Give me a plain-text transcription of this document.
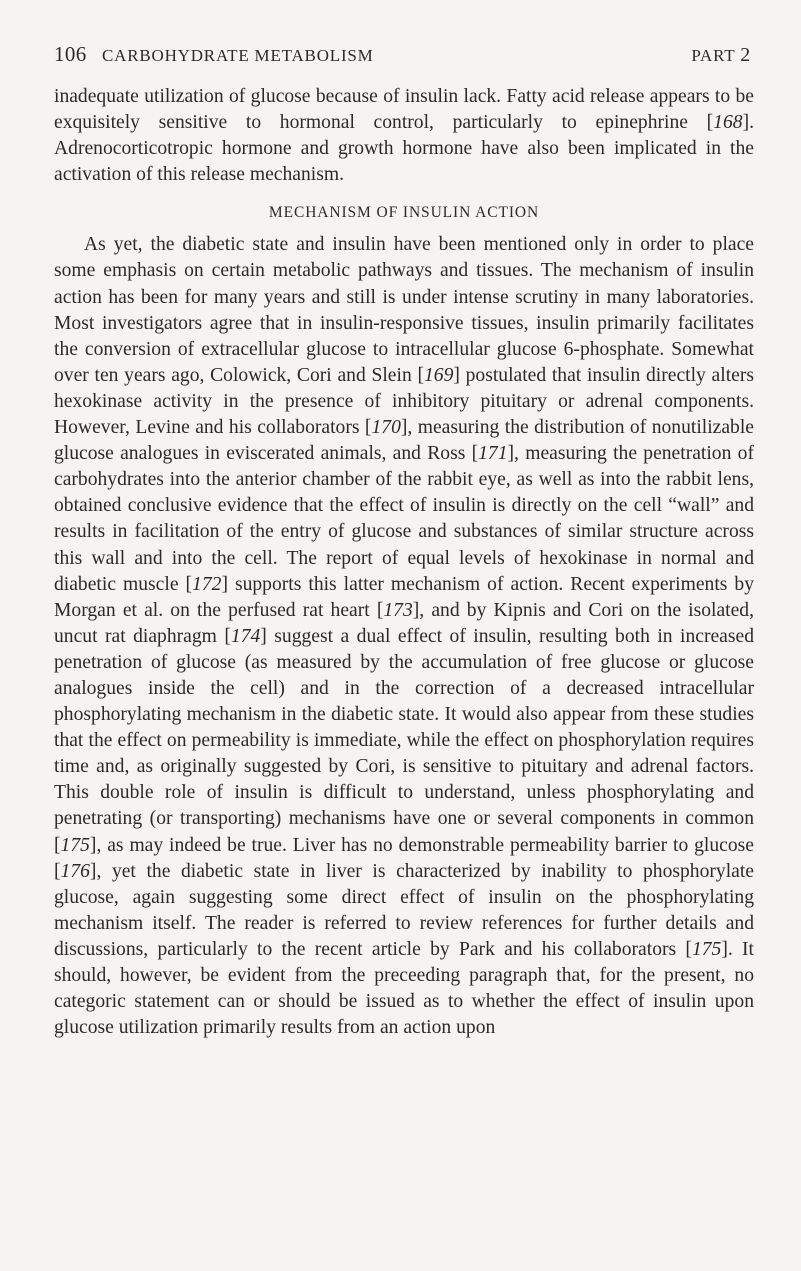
106 CARBOHYDRATE METABOLISM	PART 2

inadequate utilization of glucose because of insulin lack. Fatty acid release appears to be exquisitely sensitive to hormonal control, particularly to epinephrine [168]. Adrenocorticotropic hormone and growth hormone have also been implicated in the activation of this release mechanism.

MECHANISM OF INSULIN ACTION

As yet, the diabetic state and insulin have been mentioned only in order to place some emphasis on certain metabolic pathways and tissues. The mechanism of insulin action has been for many years and still is under intense scrutiny in many laboratories. Most investigators agree that in insulin-responsive tissues, insulin primarily facilitates the conversion of extracellular glucose to intracellular glucose 6-phosphate. Somewhat over ten years ago, Colowick, Cori and Slein [169] postulated that insulin directly alters hexokinase activity in the presence of inhibitory pituitary or adrenal components. However, Levine and his collaborators [170], measuring the distribution of nonutilizable glucose analogues in eviscerated animals, and Ross [171], measuring the penetration of carbohydrates into the anterior chamber of the rabbit eye, as well as into the rabbit lens, obtained conclusive evidence that the effect of insulin is directly on the cell “wall” and results in facilitation of the entry of glucose and substances of similar structure across this wall and into the cell. The report of equal levels of hexokinase in normal and diabetic muscle [172] supports this latter mechanism of action. Recent experiments by Morgan et al. on the perfused rat heart [173], and by Kipnis and Cori on the isolated, uncut rat diaphragm [174] suggest a dual effect of insulin, resulting both in increased penetration of glucose (as measured by the accumulation of free glucose or glucose analogues inside the cell) and in the correction of a decreased intracellular phosphorylating mechanism in the diabetic state. It would also appear from these studies that the effect on permeability is immediate, while the effect on phosphorylation requires time and, as originally suggested by Cori, is sensitive to pituitary and adrenal factors. This double role of insulin is difficult to understand, unless phosphorylating and penetrating (or transporting) mechanisms have one or several components in common [175], as may indeed be true. Liver has no demonstrable permeability barrier to glucose [176], yet the diabetic state in liver is characterized by inability to phosphorylate glucose, again suggesting some direct effect of insulin on the phosphorylating mechanism itself. The reader is referred to review references for further details and discussions, particularly to the recent article by Park and his collaborators [175]. It should, however, be evident from the preceeding paragraph that, for the present, no categoric statement can or should be issued as to whether the effect of insulin upon glucose utilization primarily results from an action upon
